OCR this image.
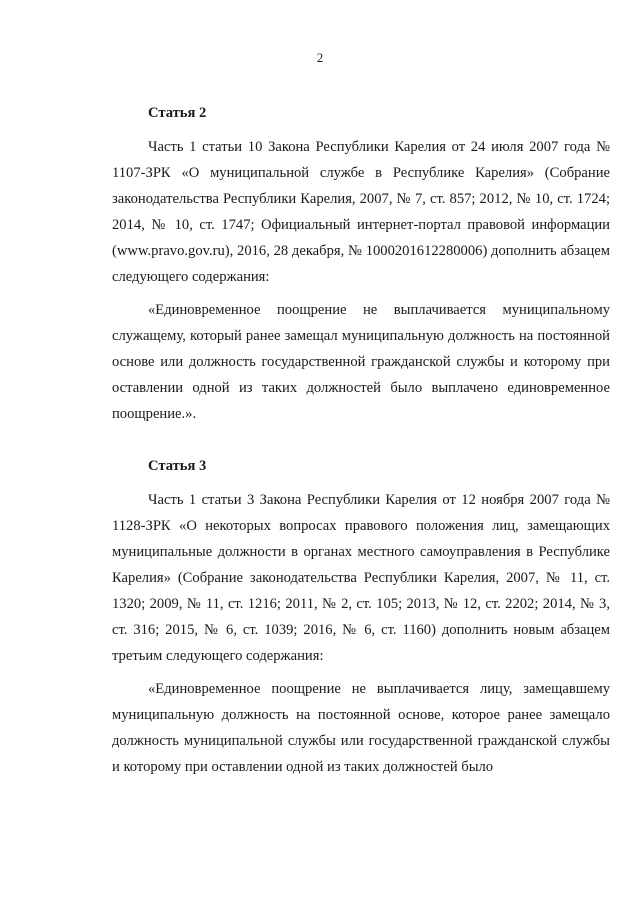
2
Статья 2

Часть 1 статьи 10 Закона Республики Карелия от 24 июля 2007 года № 1107-ЗРК «О муниципальной службе в Республике Карелия» (Собрание законодательства Республики Карелия, 2007, № 7, ст. 857; 2012, № 10, ст. 1724; 2014, № 10, ст. 1747; Официальный интернет-портал правовой информации (www.pravo.gov.ru), 2016, 28 декабря, № 1000201612280006) дополнить абзацем следующего содержания:

«Единовременное поощрение не выплачивается муниципальному служащему, который ранее замещал муниципальную должность на постоянной основе или должность государственной гражданской службы и которому при оставлении одной из таких должностей было выплачено единовременное поощрение.».

Статья 3

Часть 1 статьи 3 Закона Республики Карелия от 12 ноября 2007 года № 1128-ЗРК «О некоторых вопросах правового положения лиц, замещающих муниципальные должности в органах местного самоуправления в Республике Карелия» (Собрание законодательства Республики Карелия, 2007, № 11, ст. 1320; 2009, № 11, ст. 1216; 2011, № 2, ст. 105; 2013, № 12, ст. 2202; 2014, № 3, ст. 316; 2015, № 6, ст. 1039; 2016, № 6, ст. 1160) дополнить новым абзацем третьим следующего содержания:

«Единовременное поощрение не выплачивается лицу, замещавшему муниципальную должность на постоянной основе, которое ранее замещало должность муниципальной службы или государственной гражданской службы и которому при оставлении одной из таких должностей было
